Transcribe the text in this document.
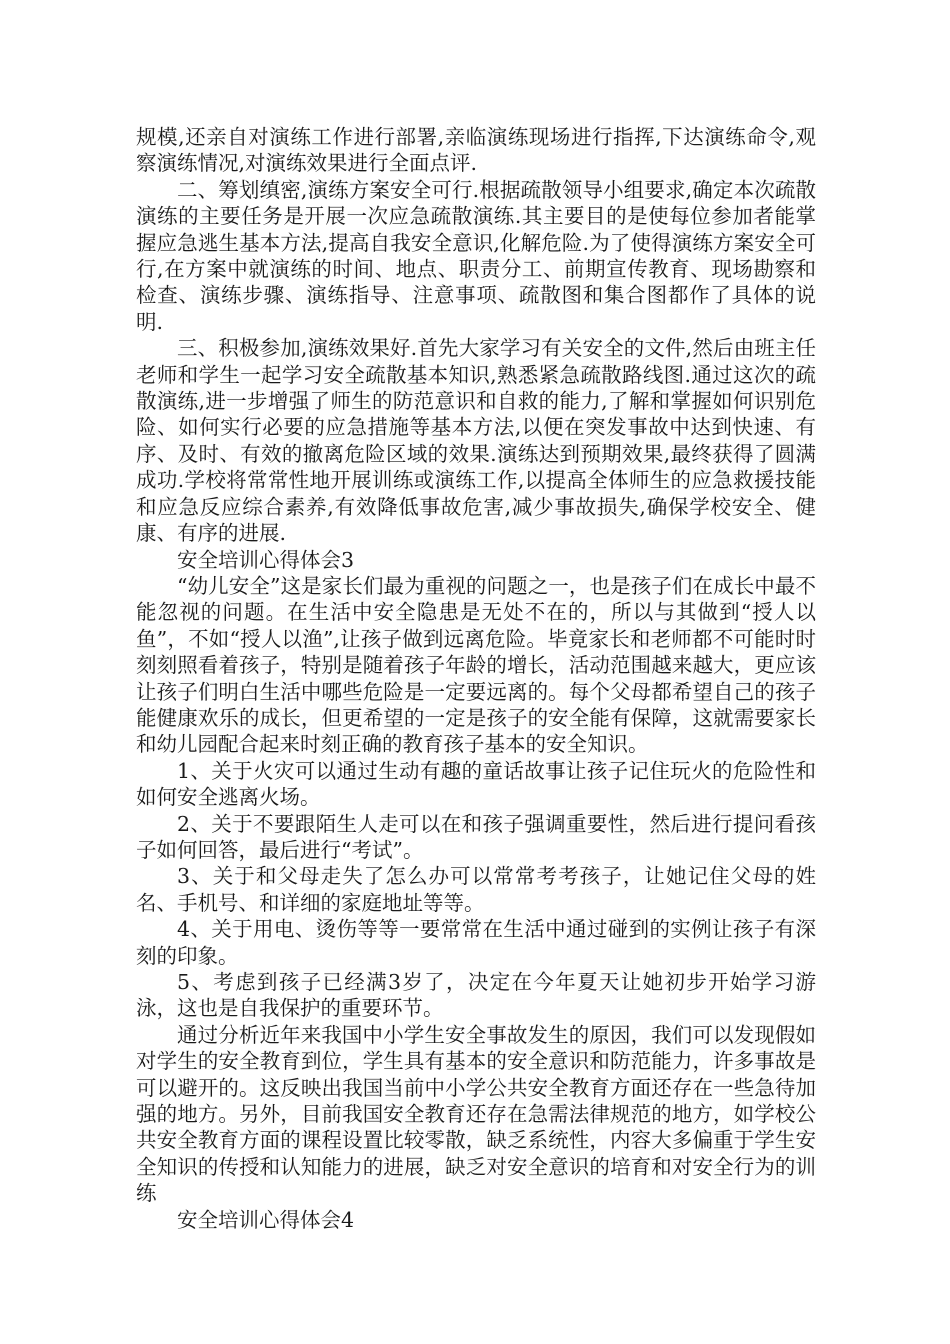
规模,还亲自对演练工作进行部署,亲临演练现场进行指挥,下达演练命令,观察演练情况,对演练效果进行全面点评.

二、筹划缜密,演练方案安全可行.根据疏散领导小组要求,确定本次疏散演练的主要任务是开展一次应急疏散演练.其主要目的是使每位参加者能掌握应急逃生基本方法,提高自我安全意识,化解危险.为了使得演练方案安全可行,在方案中就演练的时间、地点、职责分工、前期宣传教育、现场勘察和检查、演练步骤、演练指导、注意事项、疏散图和集合图都作了具体的说明.

三、积极参加,演练效果好.首先大家学习有关安全的文件,然后由班主任老师和学生一起学习安全疏散基本知识,熟悉紧急疏散路线图.通过这次的疏散演练,进一步增强了师生的防范意识和自救的能力,了解和掌握如何识别危险、如何实行必要的应急措施等基本方法,以便在突发事故中达到快速、有序、及时、有效的撤离危险区域的效果.演练达到预期效果,最终获得了圆满成功.学校将常常性地开展训练或演练工作,以提高全体师生的应急救援技能和应急反应综合素养,有效降低事故危害,减少事故损失,确保学校安全、健康、有序的进展.

安全培训心得体会3

“幼儿安全”这是家长们最为重视的问题之一，也是孩子们在成长中最不能忽视的问题。在生活中安全隐患是无处不在的，所以与其做到“授人以鱼”，不如“授人以渔”,让孩子做到远离危险。毕竟家长和老师都不可能时时刻刻照看着孩子，特别是随着孩子年龄的增长，活动范围越来越大，更应该让孩子们明白生活中哪些危险是一定要远离的。每个父母都希望自己的孩子能健康欢乐的成长，但更希望的一定是孩子的安全能有保障，这就需要家长和幼儿园配合起来时刻正确的教育孩子基本的安全知识。

1、关于火灾可以通过生动有趣的童话故事让孩子记住玩火的危险性和如何安全逃离火场。

2、关于不要跟陌生人走可以在和孩子强调重要性，然后进行提问看孩子如何回答，最后进行“考试”。

3、关于和父母走失了怎么办可以常常考考孩子，让她记住父母的姓名、手机号、和详细的家庭地址等等。

4、关于用电、烫伤等等一要常常在生活中通过碰到的实例让孩子有深刻的印象。

5、考虑到孩子已经满3岁了，决定在今年夏天让她初步开始学习游泳，这也是自我保护的重要环节。

通过分析近年来我国中小学生安全事故发生的原因，我们可以发现假如对学生的安全教育到位，学生具有基本的安全意识和防范能力，许多事故是可以避开的。这反映出我国当前中小学公共安全教育方面还存在一些急待加强的地方。另外，目前我国安全教育还存在急需法律规范的地方，如学校公共安全教育方面的课程设置比较零散，缺乏系统性，内容大多偏重于学生安全知识的传授和认知能力的进展，缺乏对安全意识的培育和对安全行为的训练

安全培训心得体会4
